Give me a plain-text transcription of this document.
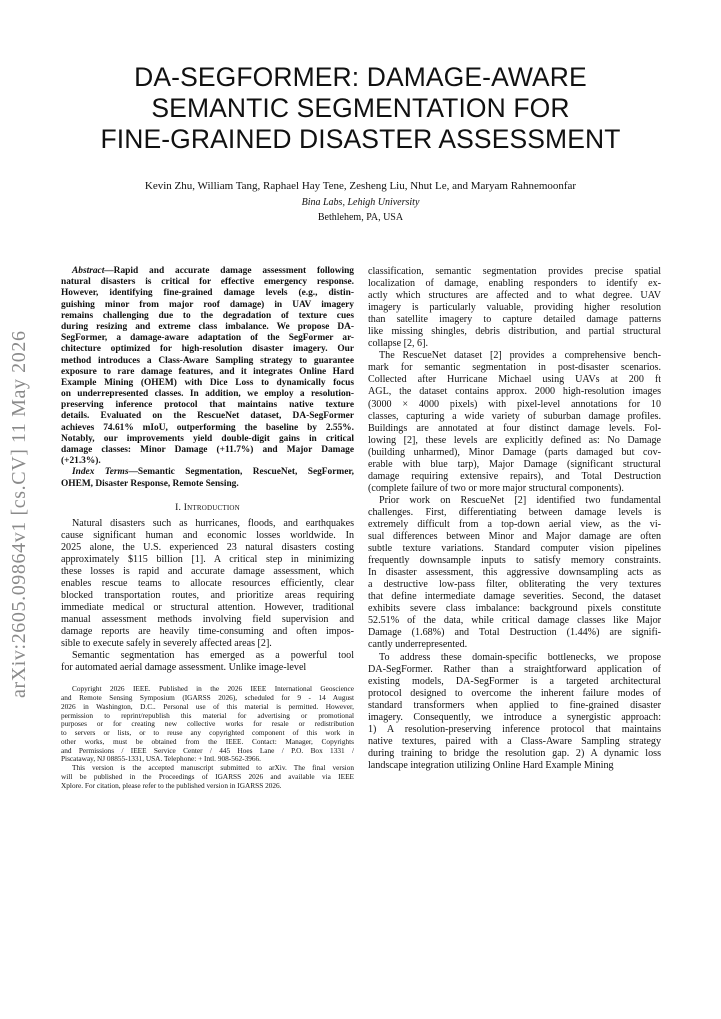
DA-SEGFORMER: DAMAGE-AWARE
SEMANTIC SEGMENTATION FOR
FINE-GRAINED DISASTER ASSESSMENT
Kevin Zhu, William Tang, Raphael Hay Tene, Zesheng Liu, Nhut Le, and Maryam Rahnemoonfar
Bina Labs, Lehigh University
Bethlehem, PA, USA
arXiv:2605.09864v1 [cs.CV] 11 May 2026
Abstract—Rapid and accurate damage assessment following
natural disasters is critical for effective emergency response.
However, identifying fine-grained damage levels (e.g., distin-
guishing minor from major roof damage) in UAV imagery
remains challenging due to the degradation of texture cues
during resizing and extreme class imbalance. We propose DA-
SegFormer, a damage-aware adaptation of the SegFormer ar-
chitecture optimized for high-resolution disaster imagery. Our
method introduces a Class-Aware Sampling strategy to guarantee
exposure to rare damage features, and it integrates Online Hard
Example Mining (OHEM) with Dice Loss to dynamically focus
on underrepresented classes. In addition, we employ a resolution-
preserving inference protocol that maintains native texture
details. Evaluated on the RescueNet dataset, DA-SegFormer
achieves 74.61% mIoU, outperforming the baseline by 2.55%.
Notably, our improvements yield double-digit gains in critical
damage classes: Minor Damage (+11.7%) and Major Damage
(+21.3%).
Index Terms—Semantic Segmentation, RescueNet, SegFormer,
OHEM, Disaster Response, Remote Sensing.
I. Introduction
Natural disasters such as hurricanes, floods, and earthquakes
cause significant human and economic losses worldwide. In
2025 alone, the U.S. experienced 23 natural disasters costing
approximately $115 billion [1]. A critical step in minimizing
these losses is rapid and accurate damage assessment, which
enables rescue teams to allocate resources efficiently, clear
blocked transportation routes, and prioritize areas requiring
immediate medical or structural attention. However, traditional
manual assessment methods involving field supervision and
damage reports are heavily time-consuming and often impos-
sible to execute safely in severely affected areas [2].
Semantic segmentation has emerged as a powerful tool
for automated aerial damage assessment. Unlike image-level
Copyright 2026 IEEE. Published in the 2026 IEEE International Geoscience
and Remote Sensing Symposium (IGARSS 2026), scheduled for 9 - 14 August
2026 in Washington, D.C.. Personal use of this material is permitted. However,
permission to reprint/republish this material for advertising or promotional
purposes or for creating new collective works for resale or redistribution
to servers or lists, or to reuse any copyrighted component of this work in
other works, must be obtained from the IEEE. Contact: Manager, Copyrights
and Permissions / IEEE Service Center / 445 Hoes Lane / P.O. Box 1331 /
Piscataway, NJ 08855-1331, USA. Telephone: + Intl. 908-562-3966.
This version is the accepted manuscript submitted to arXiv. The final version
will be published in the Proceedings of IGARSS 2026 and available via IEEE
Xplore. For citation, please refer to the published version in IGARSS 2026.
classification, semantic segmentation provides precise spatial
localization of damage, enabling responders to identify ex-
actly which structures are affected and to what degree. UAV
imagery is particularly valuable, providing higher resolution
than satellite imagery to capture detailed damage patterns
like missing shingles, debris distribution, and partial structural
collapse [2, 6].
The RescueNet dataset [2] provides a comprehensive bench-
mark for semantic segmentation in post-disaster scenarios.
Collected after Hurricane Michael using UAVs at 200 ft
AGL, the dataset contains approx. 2000 high-resolution images
(3000 × 4000 pixels) with pixel-level annotations for 10
classes, capturing a wide variety of suburban damage profiles.
Buildings are annotated at four distinct damage levels. Fol-
lowing [2], these levels are explicitly defined as: No Damage
(building unharmed), Minor Damage (parts damaged but cov-
erable with blue tarp), Major Damage (significant structural
damage requiring extensive repairs), and Total Destruction
(complete failure of two or more major structural components).
Prior work on RescueNet [2] identified two fundamental
challenges. First, differentiating between damage levels is
extremely difficult from a top-down aerial view, as the vi-
sual differences between Minor and Major damage are often
subtle texture variations. Standard computer vision pipelines
frequently downsample inputs to satisfy memory constraints.
In disaster assessment, this aggressive downsampling acts as
a destructive low-pass filter, obliterating the very textures
that define intermediate damage severities. Second, the dataset
exhibits severe class imbalance: background pixels constitute
52.51% of the data, while critical damage classes like Major
Damage (1.68%) and Total Destruction (1.44%) are signifi-
cantly underrepresented.
To address these domain-specific bottlenecks, we propose
DA-SegFormer. Rather than a straightforward application of
existing models, DA-SegFormer is a targeted architectural
protocol designed to overcome the inherent failure modes of
standard transformers when applied to fine-grained disaster
imagery. Consequently, we introduce a synergistic approach:
1) A resolution-preserving inference protocol that maintains
native textures, paired with a Class-Aware Sampling strategy
during training to bridge the resolution gap. 2) A dynamic loss
landscape integration utilizing Online Hard Example Mining
